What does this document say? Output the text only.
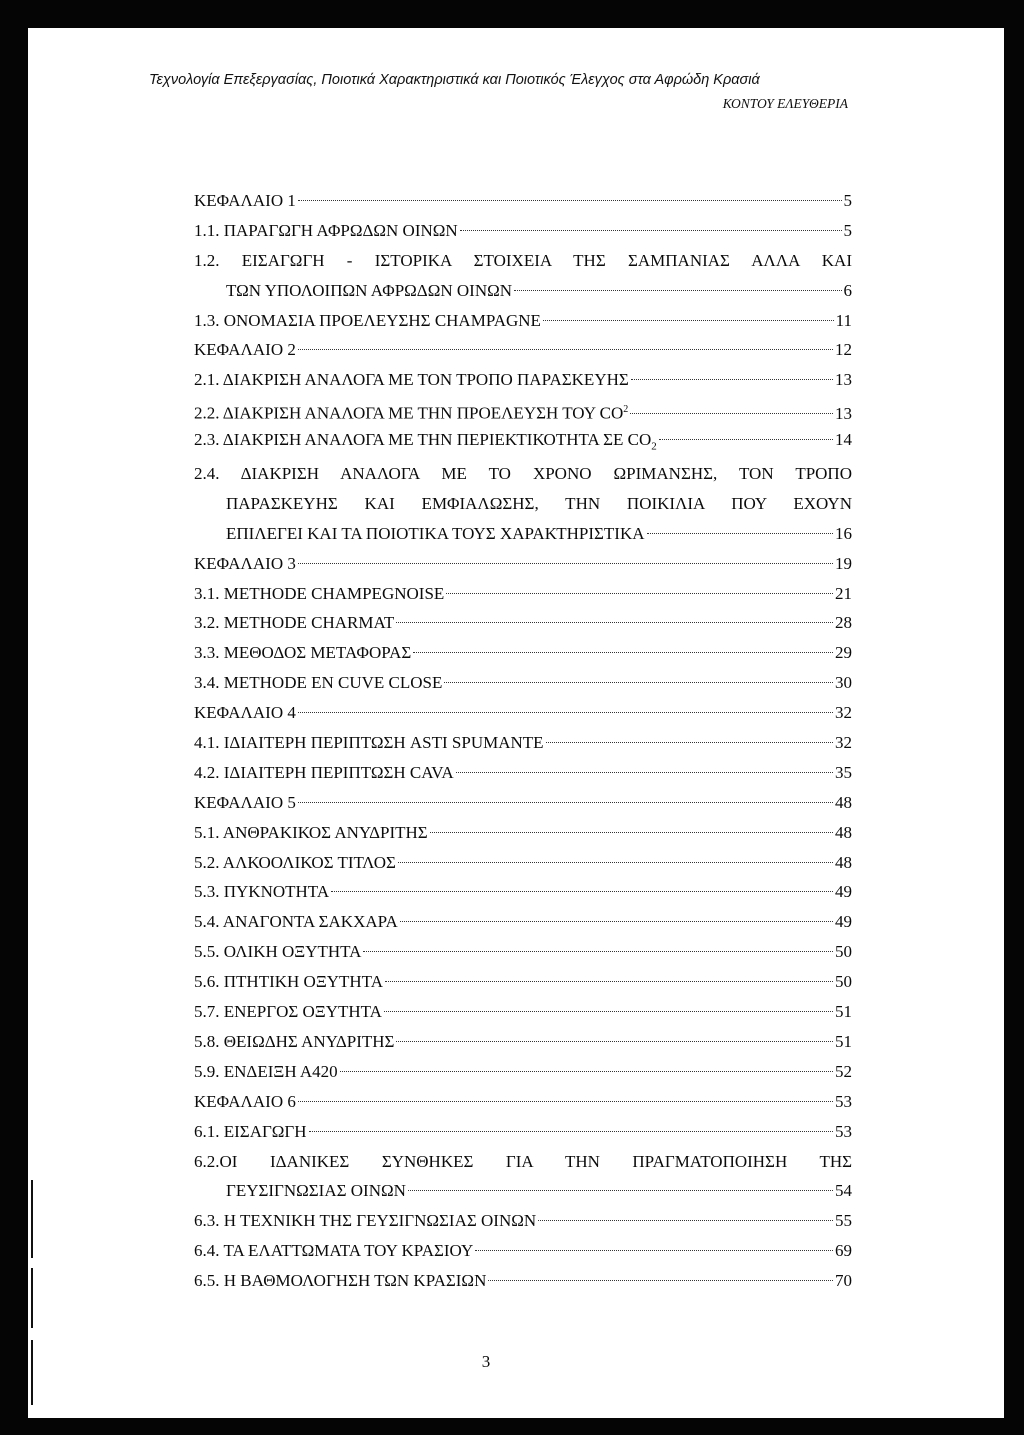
Τεχνολογία Επεξεργασίας, Ποιοτικά Χαρακτηριστικά και Ποιοτικός Έλεγχος στα Αφρώδη Κρασιά
ΚΟΝΤΟΥ ΕΛΕΥΘΕΡΙΑ
ΚΕΦΑΛΑΙΟ 1	5
1.1. ΠΑΡΑΓΩΓΗ ΑΦΡΩΔΩΝ ΟΙΝΩΝ	5
1.2. ΕΙΣΑΓΩΓΗ - ΙΣΤΟΡΙΚΑ ΣΤΟΙΧΕΙΑ ΤΗΣ ΣΑΜΠΑΝΙΑΣ ΑΛΛΑ ΚΑΙ
ΤΩΝ ΥΠΟΛΟΙΠΩΝ ΑΦΡΩΔΩΝ ΟΙΝΩΝ	6
1.3. ΟΝΟΜΑΣΙΑ ΠΡΟΕΛΕΥΣΗΣ CHAMPAGNE	11
ΚΕΦΑΛΑΙΟ 2	12
2.1. ΔΙΑΚΡΙΣΗ ΑΝΑΛΟΓΑ ΜΕ ΤΟΝ ΤΡΟΠΟ ΠΑΡΑΣΚΕΥΗΣ	13
2.2. ΔΙΑΚΡΙΣΗ ΑΝΑΛΟΓΑ ΜΕ ΤΗΝ ΠΡΟΕΛΕΥΣΗ ΤΟΥ $CO^2$	13
2.3. ΔΙΑΚΡΙΣΗ ΑΝΑΛΟΓΑ ΜΕ ΤΗΝ ΠΕΡΙΕΚΤΙΚΟΤΗΤΑ ΣΕ $CO_2$	14
2.4. ΔΙΑΚΡΙΣΗ ΑΝΑΛΟΓΑ ΜΕ ΤΟ ΧΡΟΝΟ ΩΡΙΜΑΝΣΗΣ, ΤΟΝ ΤΡΟΠΟ
ΠΑΡΑΣΚΕΥΗΣ ΚΑΙ ΕΜΦΙΑΛΩΣΗΣ, ΤΗΝ ΠΟΙΚΙΛΙΑ ΠΟΥ ΕΧΟΥΝ
ΕΠΙΛΕΓΕΙ ΚΑΙ ΤΑ ΠΟΙΟΤΙΚΑ ΤΟΥΣ ΧΑΡΑΚΤΗΡΙΣΤΙΚΑ	16
ΚΕΦΑΛΑΙΟ 3	19
3.1. METHODE CHAMPEGNOISE	21
3.2. METHODE CHARMAT	28
3.3. ΜΕΘΟΔΟΣ ΜΕΤΑΦΟΡΑΣ	29
3.4. METHODE EN CUVE CLOSE	30
ΚΕΦΑΛΑΙΟ 4	32
4.1. ΙΔΙΑΙΤΕΡΗ ΠΕΡΙΠΤΩΣΗ ASTI SPUMANTE	32
4.2. ΙΔΙΑΙΤΕΡΗ ΠΕΡΙΠΤΩΣΗ CAVA	35
ΚΕΦΑΛΑΙΟ 5	48
5.1. ΑΝΘΡΑΚΙΚΟΣ ΑΝΥΔΡΙΤΗΣ	48
5.2. ΑΛΚΟΟΛΙΚΟΣ ΤΙΤΛΟΣ	48
5.3. ΠΥΚΝΟΤΗΤΑ	49
5.4. ΑΝΑΓΟΝΤΑ ΣΑΚΧΑΡΑ	49
5.5. ΟΛΙΚΗ ΟΞΥΤΗΤΑ	50
5.6. ΠΤΗΤΙΚΗ ΟΞΥΤΗΤΑ	50
5.7. ΕΝΕΡΓΟΣ ΟΞΥΤΗΤΑ	51
5.8. ΘΕΙΩΔΗΣ ΑΝΥΔΡΙΤΗΣ	51
5.9. ΕΝΔΕΙΞΗ Α420	52
ΚΕΦΑΛΑΙΟ 6	53
6.1. ΕΙΣΑΓΩΓΗ	53
6.2.ΟΙ ΙΔΑΝΙΚΕΣ ΣΥΝΘΗΚΕΣ ΓΙΑ ΤΗΝ ΠΡΑΓΜΑΤΟΠΟΙΗΣΗ ΤΗΣ
ΓΕΥΣΙΓΝΩΣΙΑΣ ΟΙΝΩΝ	54
6.3. Η ΤΕΧΝΙΚΗ ΤΗΣ ΓΕΥΣΙΓΝΩΣΙΑΣ ΟΙΝΩΝ	55
6.4. ΤΑ ΕΛΑΤΤΩΜΑΤΑ ΤΟΥ ΚΡΑΣΙΟΥ	69
6.5. Η ΒΑΘΜΟΛΟΓΗΣΗ ΤΩΝ ΚΡΑΣΙΩΝ	70
3
